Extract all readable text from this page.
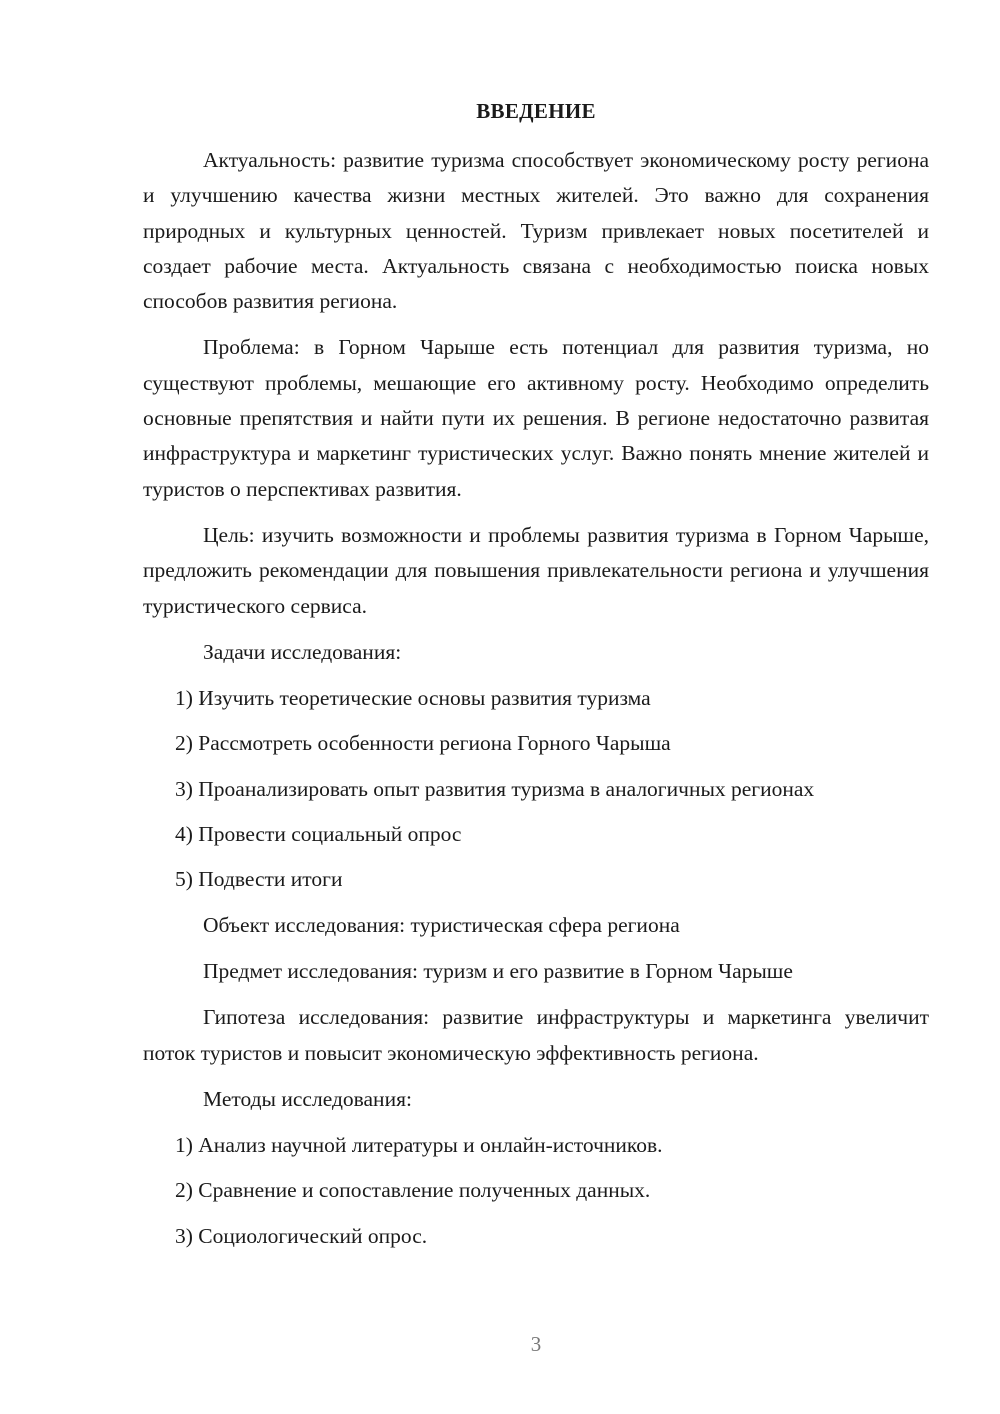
ВВЕДЕНИЕ

Актуальность: развитие туризма способствует экономическому росту региона и улучшению качества жизни местных жителей. Это важно для сохранения природных и культурных ценностей. Туризм привлекает новых посетителей и создает рабочие места. Актуальность связана с необходимостью поиска новых способов развития региона.

Проблема: в Горном Чарыше есть потенциал для развития туризма, но существуют проблемы, мешающие его активному росту. Необходимо определить основные препятствия и найти пути их решения. В регионе недостаточно развитая инфраструктура и маркетинг туристических услуг. Важно понять мнение жителей и туристов о перспективах развития.

Цель: изучить возможности и проблемы развития туризма в Горном Чарыше, предложить рекомендации для повышения привлекательности региона и улучшения туристического сервиса.

Задачи исследования:

1) Изучить теоретические основы развития туризма
2) Рассмотреть особенности региона Горного Чарыша
3) Проанализировать опыт развития туризма в аналогичных регионах
4) Провести социальный опрос
5) Подвести итоги

Объект исследования: туристическая сфера региона

Предмет исследования: туризм и его развитие в Горном Чарыше

Гипотеза исследования: развитие инфраструктуры и маркетинга увеличит поток туристов и повысит экономическую эффективность региона.

Методы исследования:

1) Анализ научной литературы и онлайн-источников.
2) Сравнение и сопоставление полученных данных.
3) Социологический опрос.
3
